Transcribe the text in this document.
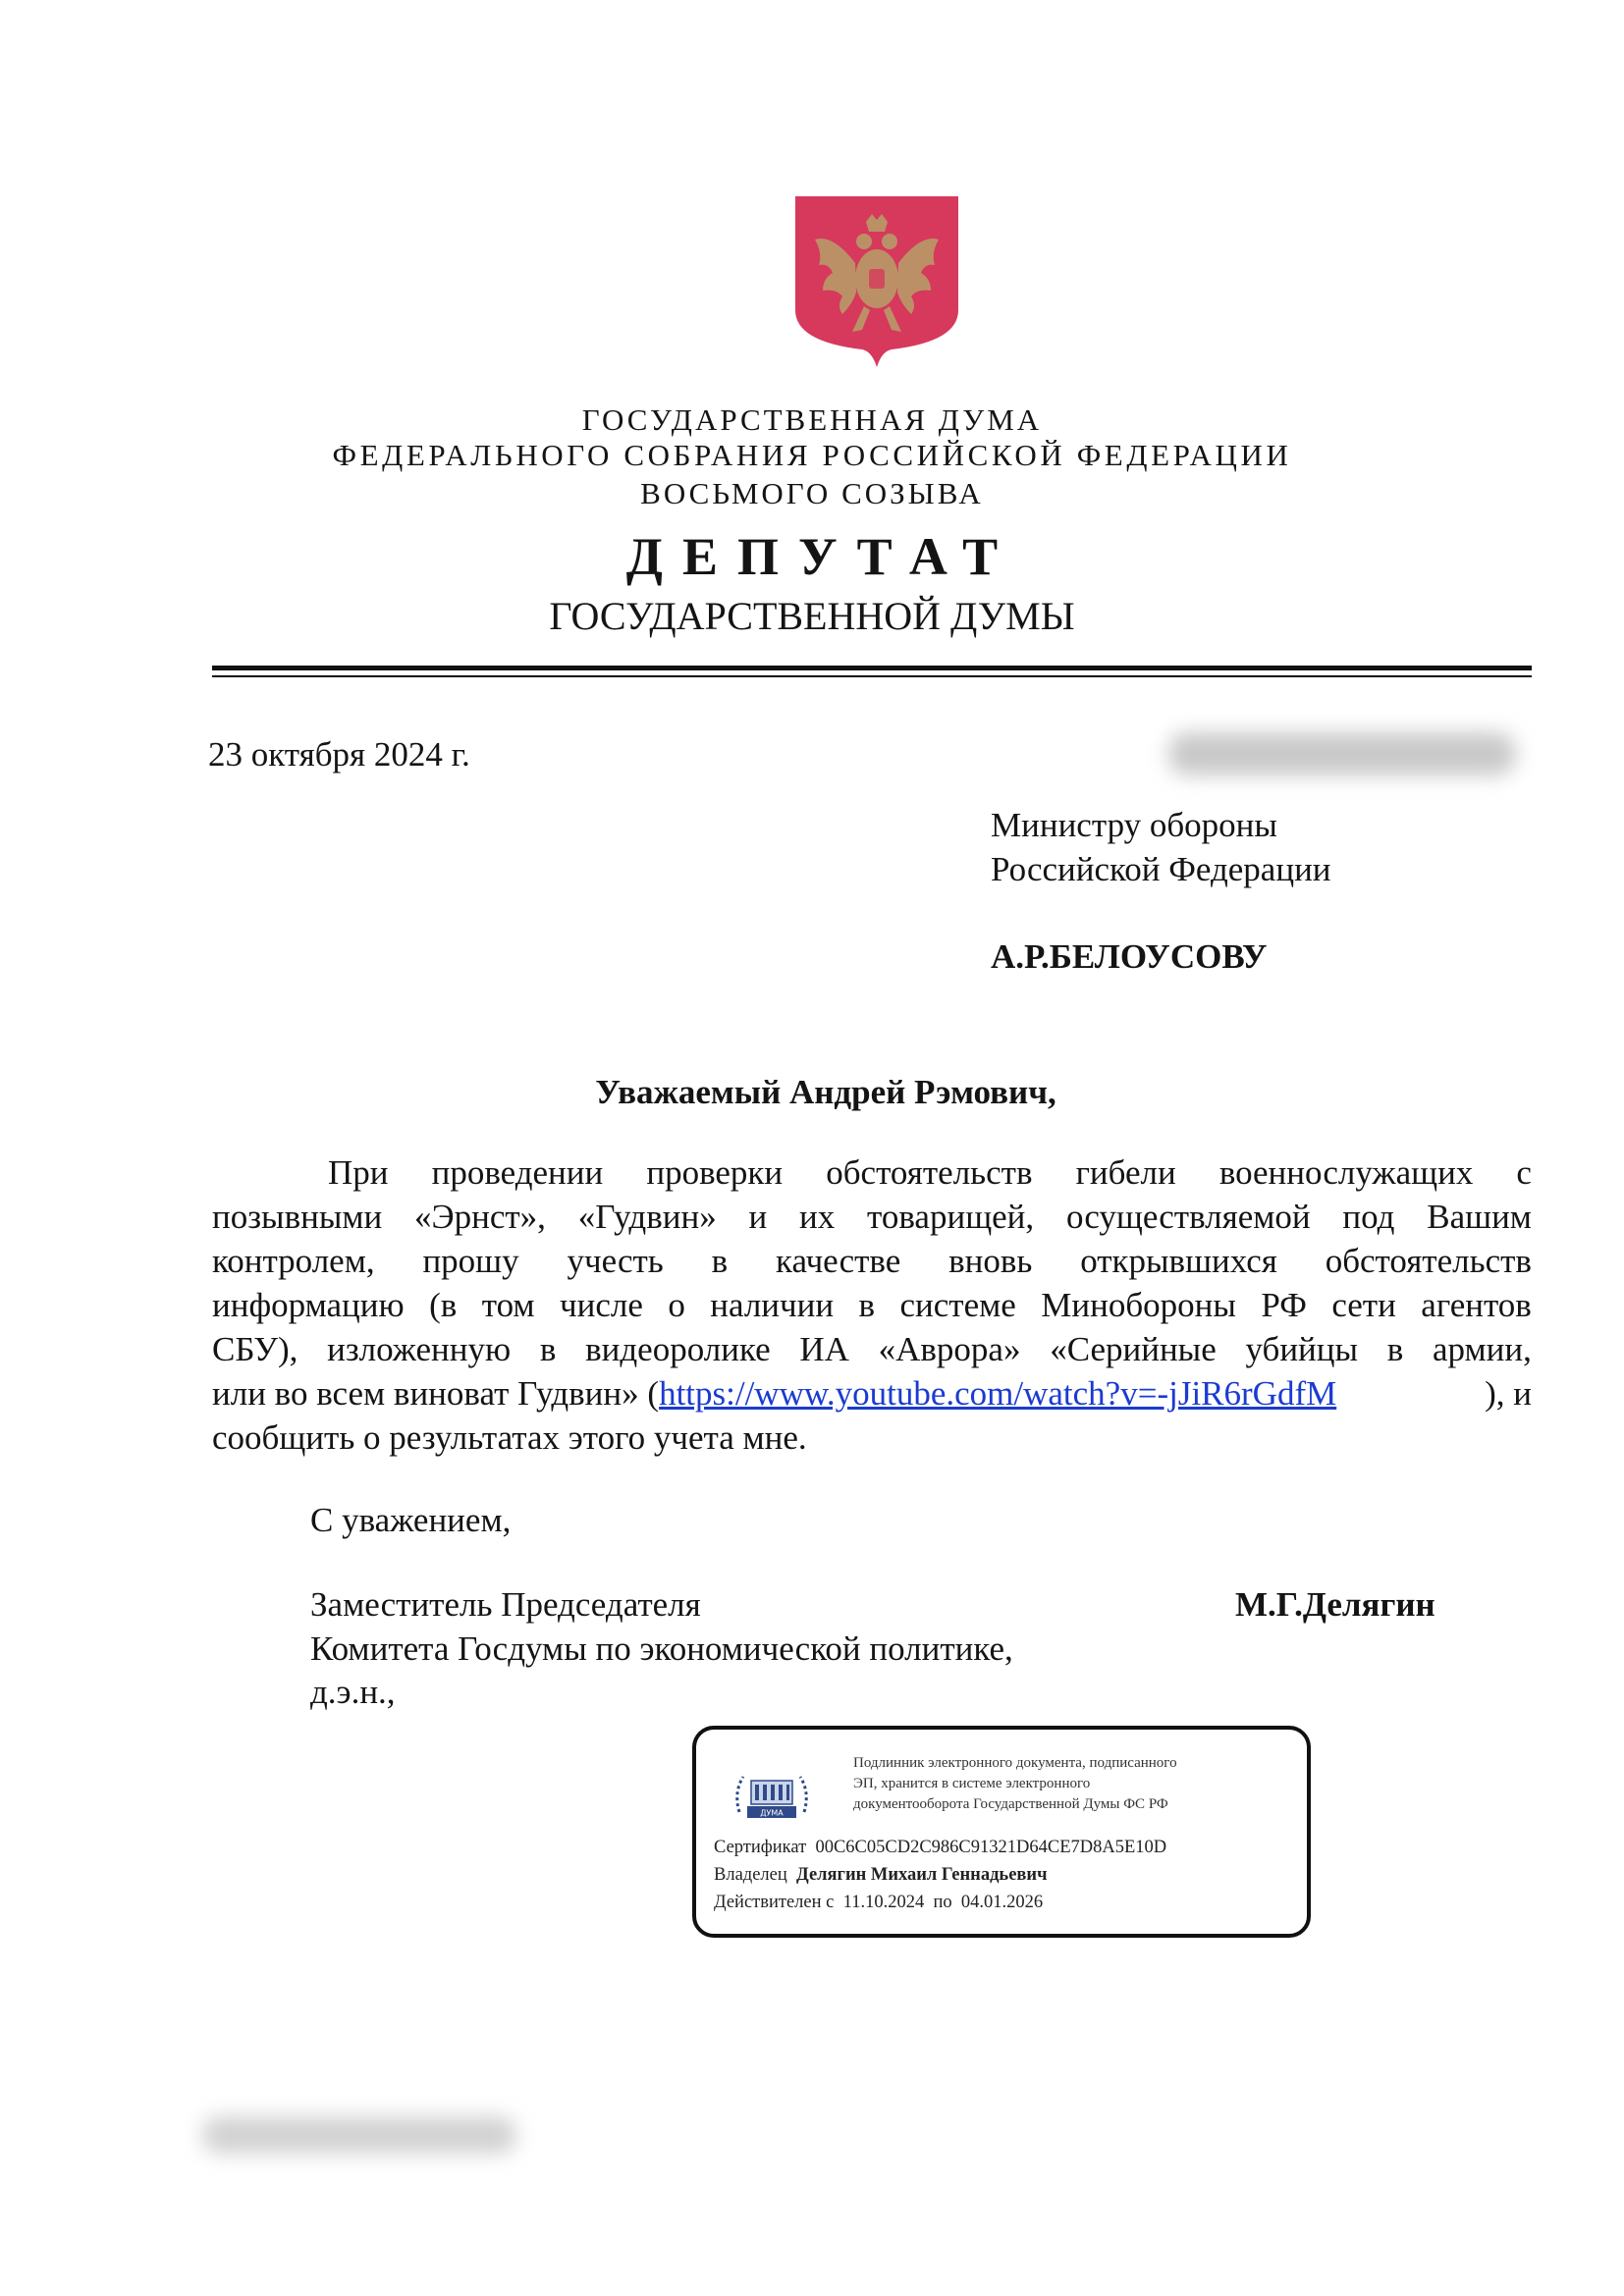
ГОСУДАРСТВЕННАЯ ДУМА
ФЕДЕРАЛЬНОГО СОБРАНИЯ РОССИЙСКОЙ ФЕДЕРАЦИИ
ВОСЬМОГО СОЗЫВА
ДЕПУТАТ
ГОСУДАРСТВЕННОЙ ДУМЫ
23 октября 2024 г.
Министру обороны
Российской Федерации
А.Р.БЕЛОУСОВУ
Уважаемый Андрей Рэмович,
При проведении проверки обстоятельств гибели военнослужащих с
позывными «Эрнст», «Гудвин» и их товарищей, осуществляемой под Вашим
контролем, прошу учесть в качестве вновь открывшихся обстоятельств
информацию (в том числе о наличии в системе Минобороны РФ сети агентов
СБУ), изложенную в видеоролике ИА «Аврора» «Серийные убийцы в армии,
или во всем виноват Гудвин» (https://www.youtube.com/watch?v=-jJiR6rGdfM	), и
сообщить о результатах этого учета мне.
С уважением,
Заместитель Председателя
Комитета Госдумы по экономической политике,
д.э.н.,
М.Г.Делягин
ДУМА
Подлинник электронного документа, подписанного
ЭП, хранится в системе электронного
документооборота Государственной Думы ФС РФ
Сертификат 00C6C05CD2C986C91321D64CE7D8A5E10D
Владелец Делягин Михаил Геннадьевич
Действителен с 11.10.2024 по 04.01.2026
